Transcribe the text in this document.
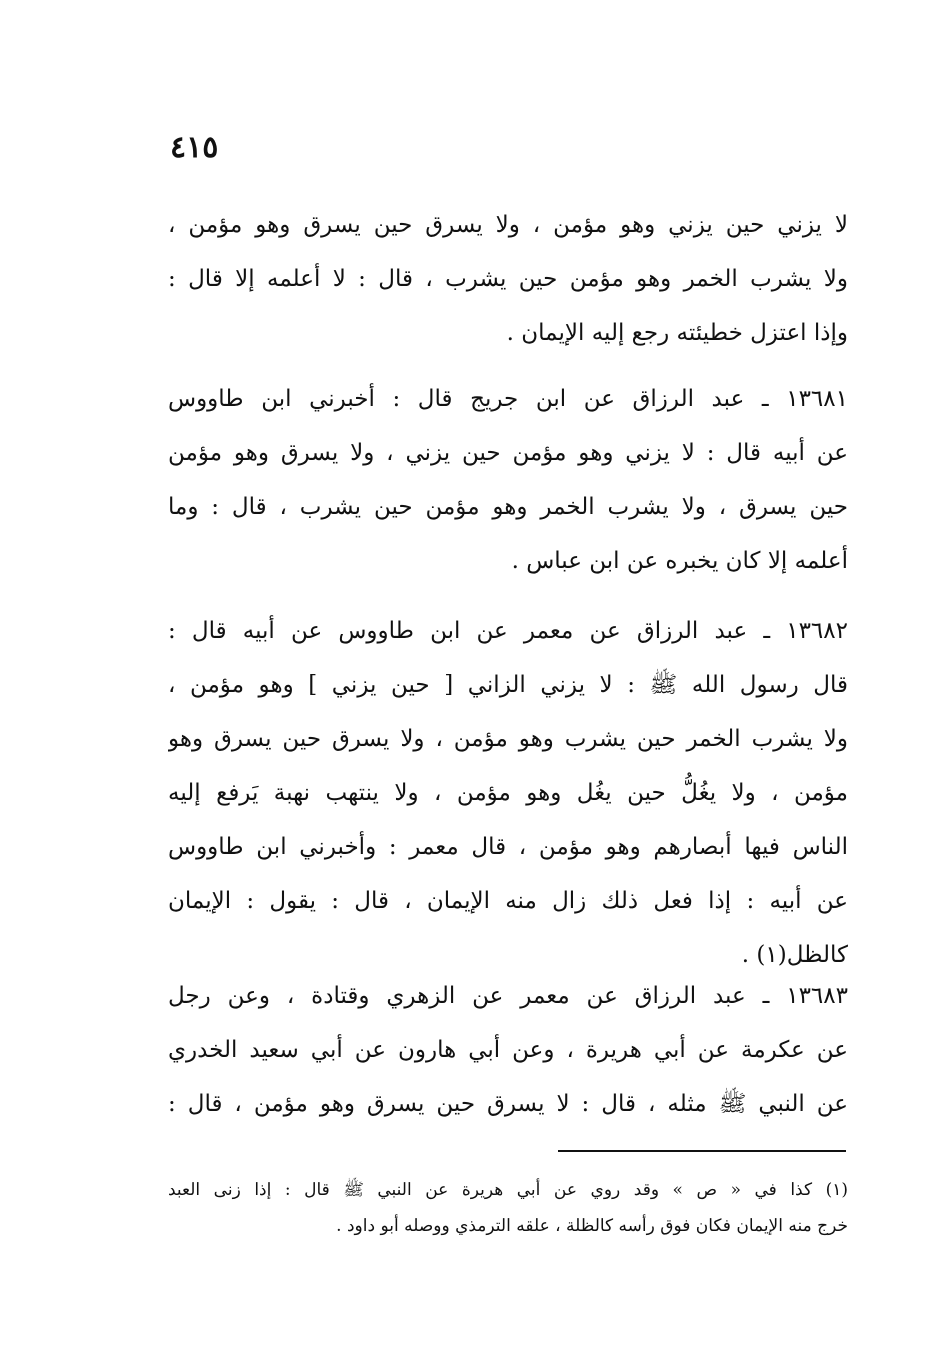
٤١٥
لا يزني حين يزني وهو مؤمن ، ولا يسرق حين يسرق وهو مؤمن ،
ولا يشرب الخمر وهو مؤمن حين يشرب ، قال : لا أعلمه إلا قال :
وإذا اعتزل خطيئته رجع إليه الإيمان .
١٣٦٨١ ـ عبد الرزاق عن ابن جريج قال : أخبرني ابن طاووس
عن أبيه قال : لا يزني وهو مؤمن حين يزني ، ولا يسرق وهو مؤمن
حين يسرق ، ولا يشرب الخمر وهو مؤمن حين يشرب ، قال : وما
أعلمه إلا كان يخبره عن ابن عباس .
١٣٦٨٢ ـ عبد الرزاق عن معمر عن ابن طاووس عن أبيه قال :
قال رسول الله ﷺ : لا يزني الزاني [ حين يزني ] وهو مؤمن ،
ولا يشرب الخمر حين يشرب وهو مؤمن ، ولا يسرق حين يسرق وهو
مؤمن ، ولا يغُلُّ حين يغُل وهو مؤمن ، ولا ينتهب نهبة يَرفع إليه
الناس فيها أبصارهم وهو مؤمن ، قال معمر : وأخبرني ابن طاووس
عن أبيه : إذا فعل ذلك زال منه الإيمان ، قال : يقول : الإيمان
كالظل(١) .
١٣٦٨٣ ـ عبد الرزاق عن معمر عن الزهري وقتادة ، وعن رجل
عن عكرمة عن أبي هريرة ، وعن أبي هارون عن أبي سعيد الخدري
عن النبي ﷺ مثله ، قال : لا يسرق حين يسرق وهو مؤمن ، قال :
(١) كذا في « ص » وقد روي عن أبي هريرة عن النبي ﷺ قال : إذا زنى العبد
خرج منه الإيمان فكان فوق رأسه كالظلة ، علقه الترمذي ووصله أبو داود .
